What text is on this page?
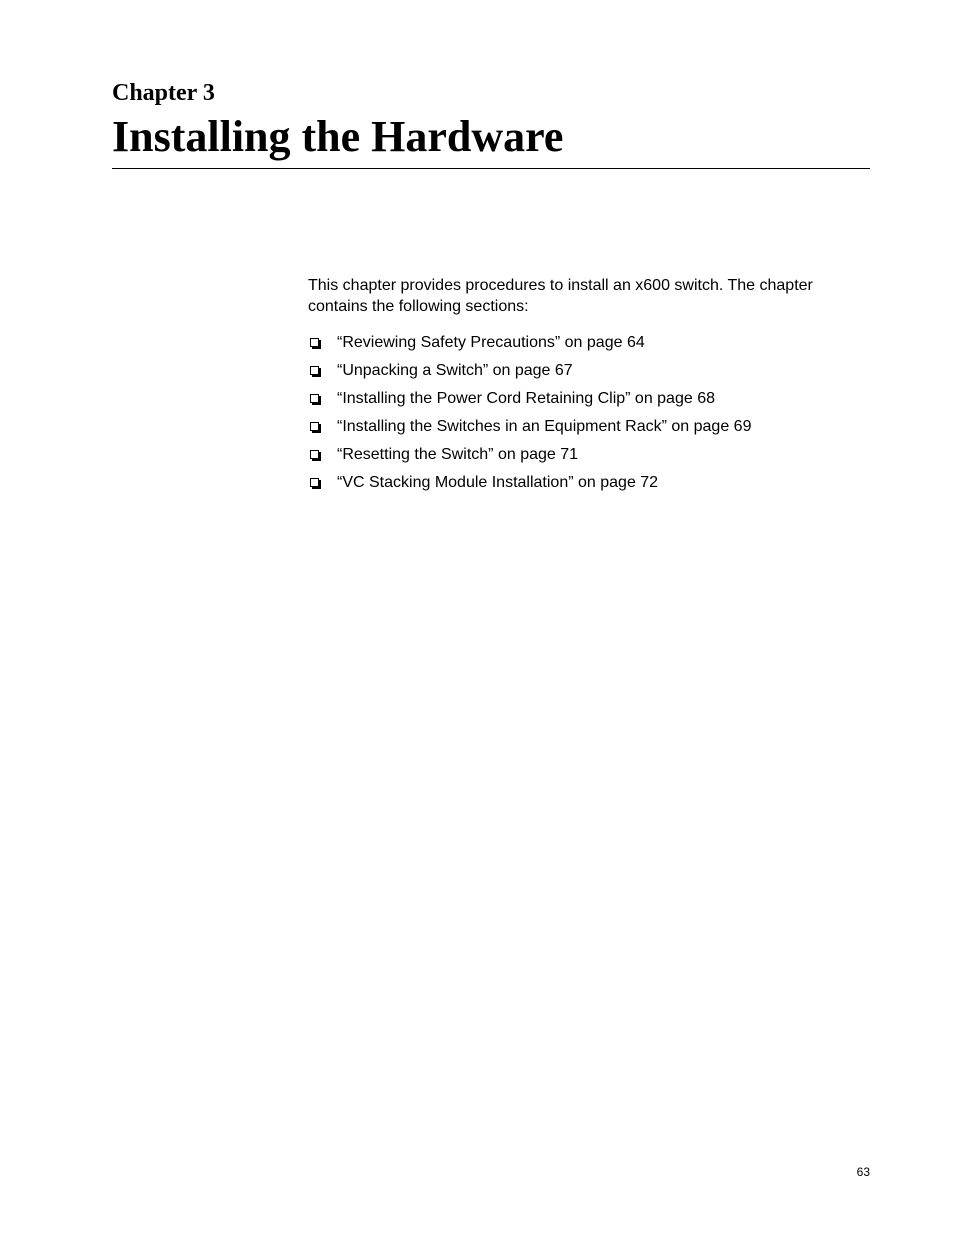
Chapter 3
Installing the Hardware

This chapter provides procedures to install an x600 switch. The chapter contains the following sections:

“Reviewing Safety Precautions” on page 64
“Unpacking a Switch” on page 67
“Installing the Power Cord Retaining Clip” on page 68
“Installing the Switches in an Equipment Rack” on page 69
“Resetting the Switch” on page 71
“VC Stacking Module Installation” on page 72

63
